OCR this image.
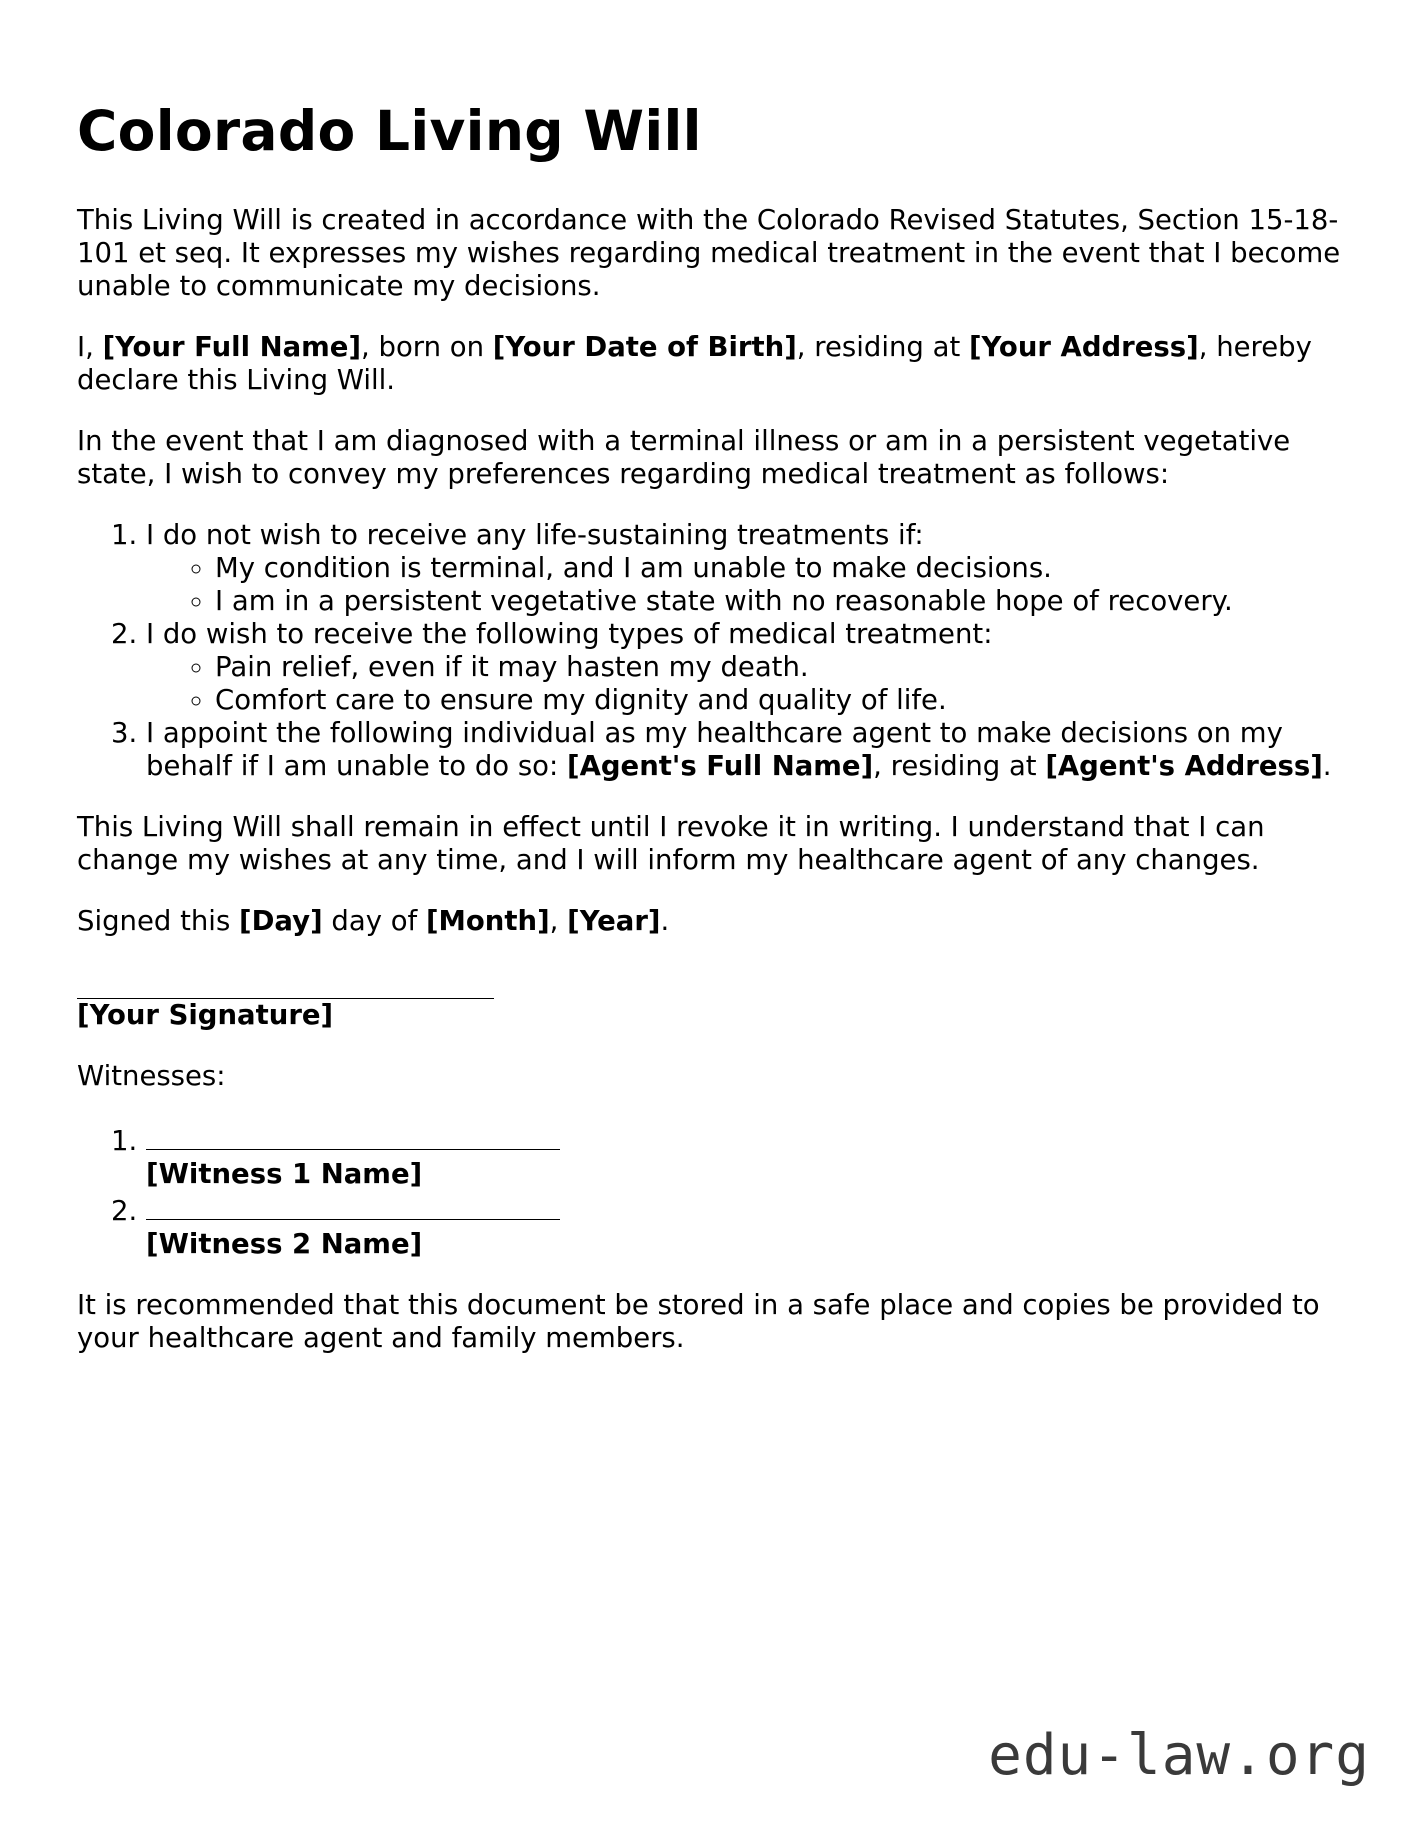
Colorado Living Will

This Living Will is created in accordance with the Colorado Revised Statutes, Section 15-18-101 et seq. It expresses my wishes regarding medical treatment in the event that I become unable to communicate my decisions.

I, [Your Full Name], born on [Your Date of Birth], residing at [Your Address], hereby declare this Living Will.

In the event that I am diagnosed with a terminal illness or am in a persistent vegetative state, I wish to convey my preferences regarding medical treatment as follows:

1. I do not wish to receive any life-sustaining treatments if:
◦ My condition is terminal, and I am unable to make decisions.
◦ I am in a persistent vegetative state with no reasonable hope of recovery.
2. I do wish to receive the following types of medical treatment:
◦ Pain relief, even if it may hasten my death.
◦ Comfort care to ensure my dignity and quality of life.
3. I appoint the following individual as my healthcare agent to make decisions on my behalf if I am unable to do so: [Agent's Full Name], residing at [Agent's Address].

This Living Will shall remain in effect until I revoke it in writing. I understand that I can change my wishes at any time, and I will inform my healthcare agent of any changes.

Signed this [Day] day of [Month], [Year].

[Your Signature]

Witnesses:

1. [Witness 1 Name]

2. [Witness 2 Name]

It is recommended that this document be stored in a safe place and copies be provided to your healthcare agent and family members.

edu-law.org
